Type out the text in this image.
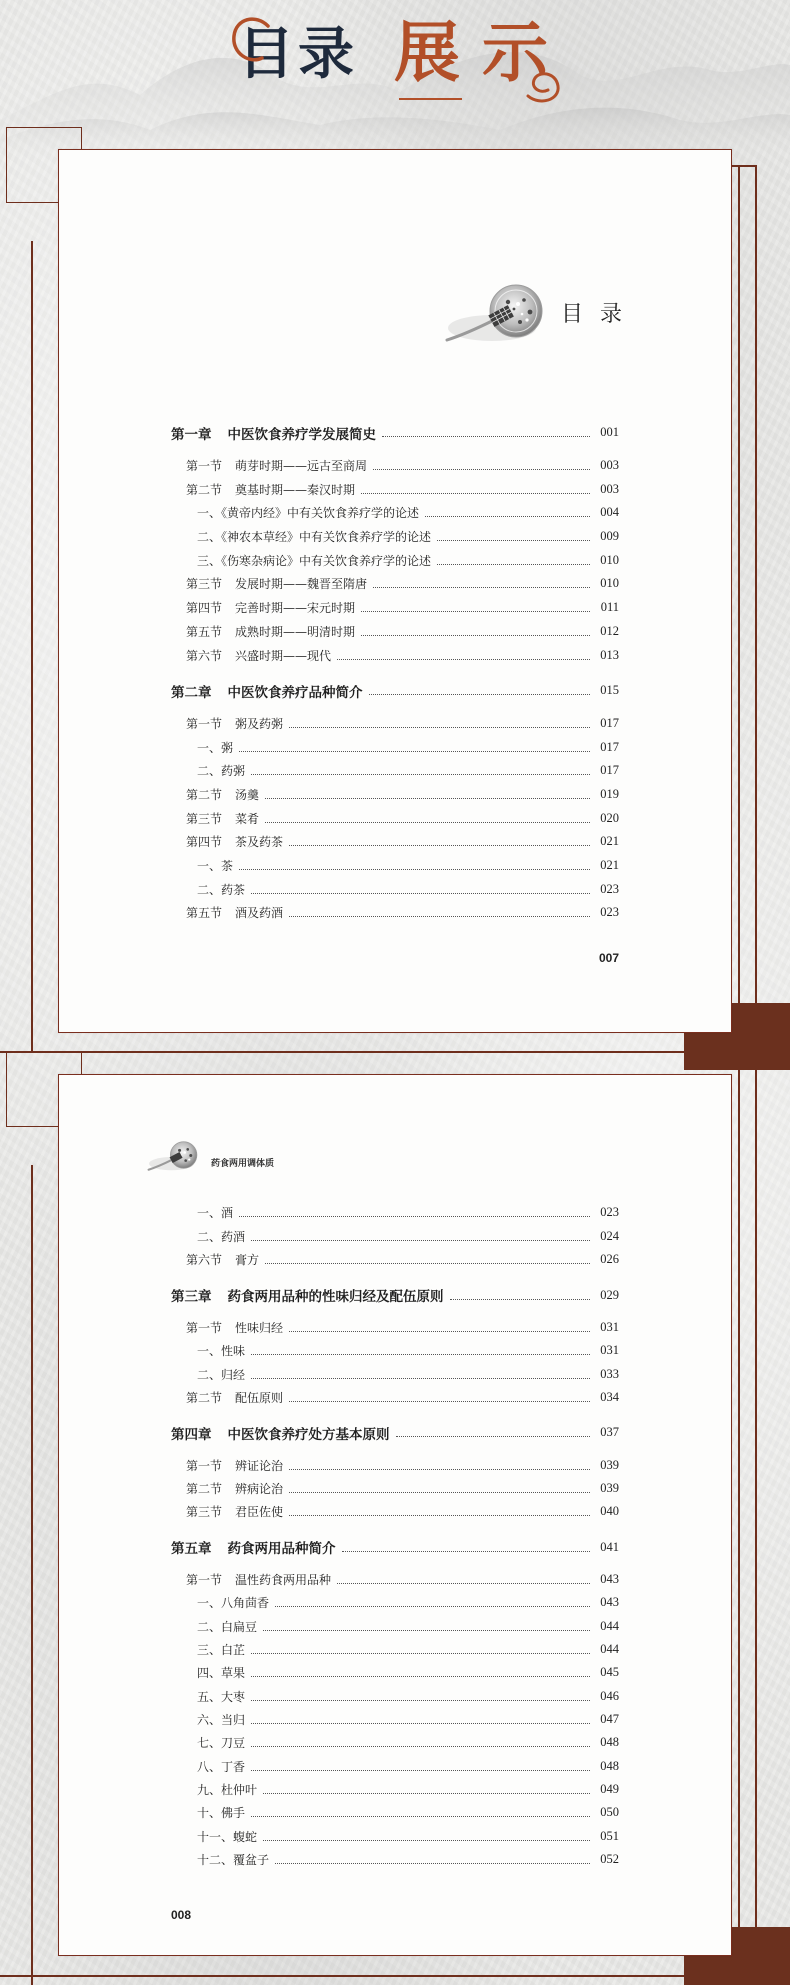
目录 展示
目 录
第一章 中医饮食养疗学发展简史	001
第一节 萌芽时期——远古至商周	003
第二节 奠基时期——秦汉时期	003
一、《黄帝内经》中有关饮食养疗学的论述	004
二、《神农本草经》中有关饮食养疗学的论述	009
三、《伤寒杂病论》中有关饮食养疗学的论述	010
第三节 发展时期——魏晋至隋唐	010
第四节 完善时期——宋元时期	011
第五节 成熟时期——明清时期	012
第六节 兴盛时期——现代	013
第二章 中医饮食养疗品种简介	015
第一节 粥及药粥	017
一、粥	017
二、药粥	017
第二节 汤羹	019
第三节 菜肴	020
第四节 茶及药茶	021
一、茶	021
二、药茶	023
第五节 酒及药酒	023
007
药食两用调体质
一、酒	023
二、药酒	024
第六节 膏方	026
第三章 药食两用品种的性味归经及配伍原则	029
第一节 性味归经	031
一、性味	031
二、归经	033
第二节 配伍原则	034
第四章 中医饮食养疗处方基本原则	037
第一节 辨证论治	039
第二节 辨病论治	039
第三节 君臣佐使	040
第五章 药食两用品种简介	041
第一节 温性药食两用品种	043
一、八角茴香	043
二、白扁豆	044
三、白芷	044
四、草果	045
五、大枣	046
六、当归	047
七、刀豆	048
八、丁香	048
九、杜仲叶	049
十、佛手	050
十一、蝮蛇	051
十二、覆盆子	052
008
